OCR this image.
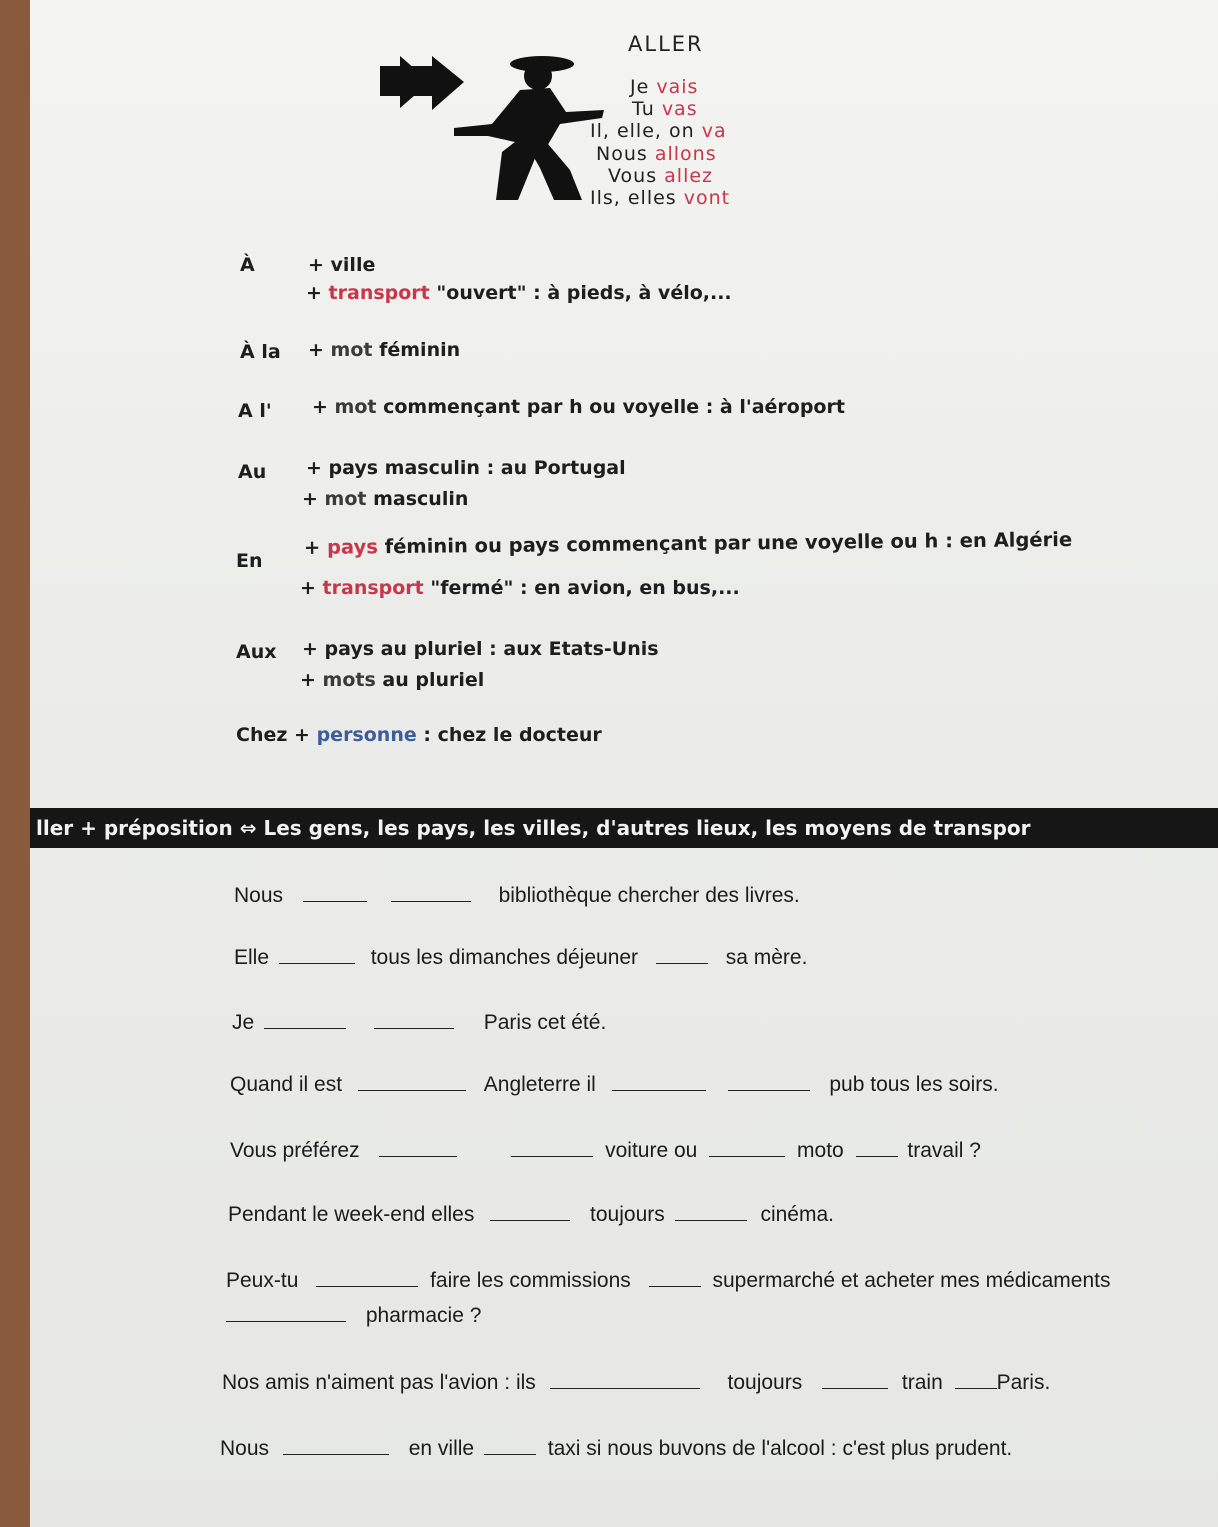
ALLER
Je vais
Tu vas
Il, elle, on va
Nous allons
Vous allez
Ils, elles vont
À	+ ville
+ transport "ouvert" : à pieds, à vélo,...
À la + mot féminin
A l' + mot commençant par h ou voyelle : à l'aéroport
Au + pays masculin : au Portugal
+ mot masculin
En
+ pays féminin ou pays commençant par une voyelle ou h : en Algérie
+ transport "fermé" : en avion, en bus,...
Aux + pays au pluriel : aux Etats-Unis
+ mots au pluriel
Chez + personne : chez le docteur
ller + préposition ⇔ Les gens, les pays, les villes, d'autres lieux, les moyens de transpor
Nous	bibliothèque chercher des livres.
Elle	tous les dimanches déjeuner	sa mère.
Je	Paris cet été.
Quand il est	Angleterre il	pub tous les soirs.
Vous préférez	voiture ou	moto	travail ?
Pendant le week-end elles	toujours	cinéma.
Peux-tu	faire les commissions	supermarché et acheter mes médicaments
pharmacie ?
Nos amis n'aiment pas l'avion : ils	toujours	train	Paris.
Nous	en ville	taxi si nous buvons de l'alcool : c'est plus prudent.
